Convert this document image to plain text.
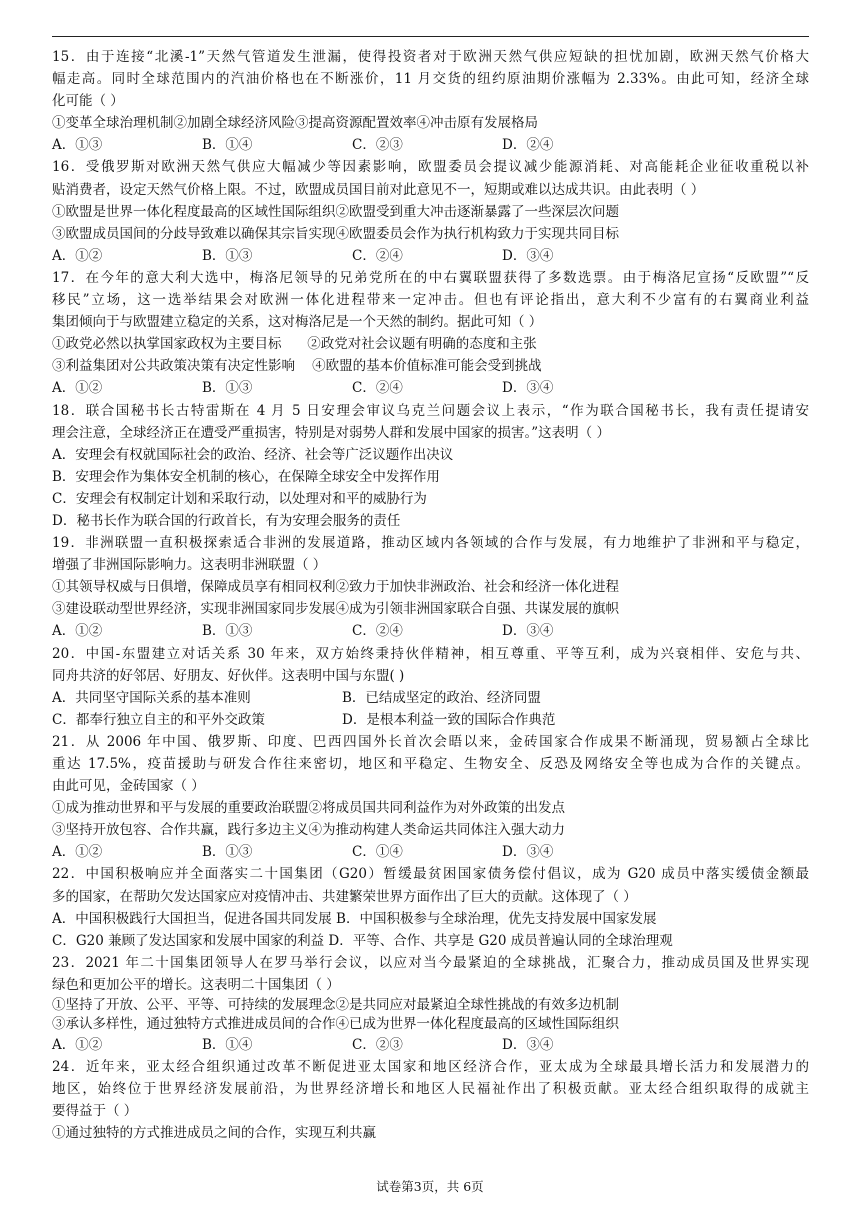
15．由于连接“北溪-1”天然气管道发生泄漏，使得投资者对于欧洲天然气供应短缺的担忧加剧，欧洲天然气价格大
幅走高。同时全球范围内的汽油价格也在不断涨价，11 月交货的纽约原油期价涨幅为 2.33%。由此可知，经济全球
化可能（ ）
①变革全球治理机制②加剧全球经济风险③提高资源配置效率④冲击原有发展格局
A．①③	B．①④	C．②③	D．②④
16．受俄罗斯对欧洲天然气供应大幅减少等因素影响，欧盟委员会提议减少能源消耗、对高能耗企业征收重税以补
贴消费者，设定天然气价格上限。不过，欧盟成员国目前对此意见不一，短期或难以达成共识。由此表明（ ）
①欧盟是世界一体化程度最高的区域性国际组织②欧盟受到重大冲击逐渐暴露了一些深层次问题
③欧盟成员国间的分歧导致难以确保其宗旨实现④欧盟委员会作为执行机构致力于实现共同目标
A．①②	B．①③	C．②④	D．③④
17．在今年的意大利大选中，梅洛尼领导的兄弟党所在的中右翼联盟获得了多数选票。由于梅洛尼宣扬“反欧盟”“反
移民”立场，这一选举结果会对欧洲一体化进程带来一定冲击。但也有评论指出，意大利不少富有的右翼商业利益
集团倾向于与欧盟建立稳定的关系，这对梅洛尼是一个天然的制约。据此可知（ ）
①政党必然以执掌国家政权为主要目标      ②政党对社会议题有明确的态度和主张
③利益集团对公共政策决策有决定性影响    ④欧盟的基本价值标准可能会受到挑战
A．①②	B．①③	C．②④	D．③④
18．联合国秘书长古特雷斯在 4 月 5 日安理会审议乌克兰问题会议上表示，“作为联合国秘书长，我有责任提请安
理会注意，全球经济正在遭受严重损害，特别是对弱势人群和发展中国家的损害。”这表明（ ）
A．安理会有权就国际社会的政治、经济、社会等广泛议题作出决议
B．安理会作为集体安全机制的核心，在保障全球安全中发挥作用
C．安理会有权制定计划和采取行动，以处理对和平的威胁行为
D．秘书长作为联合国的行政首长，有为安理会服务的责任
19．非洲联盟一直积极探索适合非洲的发展道路，推动区域内各领域的合作与发展，有力地维护了非洲和平与稳定，
增强了非洲国际影响力。这表明非洲联盟（ ）
①其领导权威与日俱增，保障成员享有相同权利②致力于加快非洲政治、社会和经济一体化进程
③建设联动型世界经济，实现非洲国家同步发展④成为引领非洲国家联合自强、共谋发展的旗帜
A．①②	B．①③	C．②④	D．③④
20．中国-东盟建立对话关系 30 年来，双方始终秉持伙伴精神，相互尊重、平等互利，成为兴衰相伴、安危与共、
同舟共济的好邻居、好朋友、好伙伴。这表明中国与东盟( )
A．共同坚守国际关系的基本准则	B．已结成坚定的政治、经济同盟
C．都奉行独立自主的和平外交政策	D．是根本利益一致的国际合作典范
21．从 2006 年中国、俄罗斯、印度、巴西四国外长首次会晤以来，金砖国家合作成果不断涌现，贸易额占全球比
重达 17.5%，疫苗援助与研发合作往来密切，地区和平稳定、生物安全、反恐及网络安全等也成为合作的关键点。
由此可见，金砖国家（ ）
①成为推动世界和平与发展的重要政治联盟②将成员国共同利益作为对外政策的出发点
③坚持开放包容、合作共赢，践行多边主义④为推动构建人类命运共同体注入强大动力
A．①②	B．①③	C．①④	D．③④
22．中国积极响应并全面落实二十国集团（G20）暂缓最贫困国家债务偿付倡议，成为 G20 成员中落实缓债金额最
多的国家，在帮助欠发达国家应对疫情冲击、共建繁荣世界方面作出了巨大的贡献。这体现了（ ）
A．中国积极践行大国担当，促进各国共同发展 B．中国积极参与全球治理，优先支持发展中国家发展
C．G20 兼顾了发达国家和发展中国家的利益 D．平等、合作、共享是 G20 成员普遍认同的全球治理观
23．2021 年二十国集团领导人在罗马举行会议，以应对当今最紧迫的全球挑战，汇聚合力，推动成员国及世界实现
绿色和更加公平的增长。这表明二十国集团（ ）
①坚持了开放、公平、平等、可持续的发展理念②是共同应对最紧迫全球性挑战的有效多边机制
③承认多样性，通过独特方式推进成员间的合作④已成为世界一体化程度最高的区域性国际组织
A．①②	B．①④	C．②③	D．③④
24．近年来，亚太经合组织通过改革不断促进亚太国家和地区经济合作，亚太成为全球最具增长活力和发展潜力的
地区，始终位于世界经济发展前沿，为世界经济增长和地区人民福祉作出了积极贡献。亚太经合组织取得的成就主
要得益于（ ）
①通过独特的方式推进成员之间的合作，实现互利共赢
试卷第3页，共 6页
